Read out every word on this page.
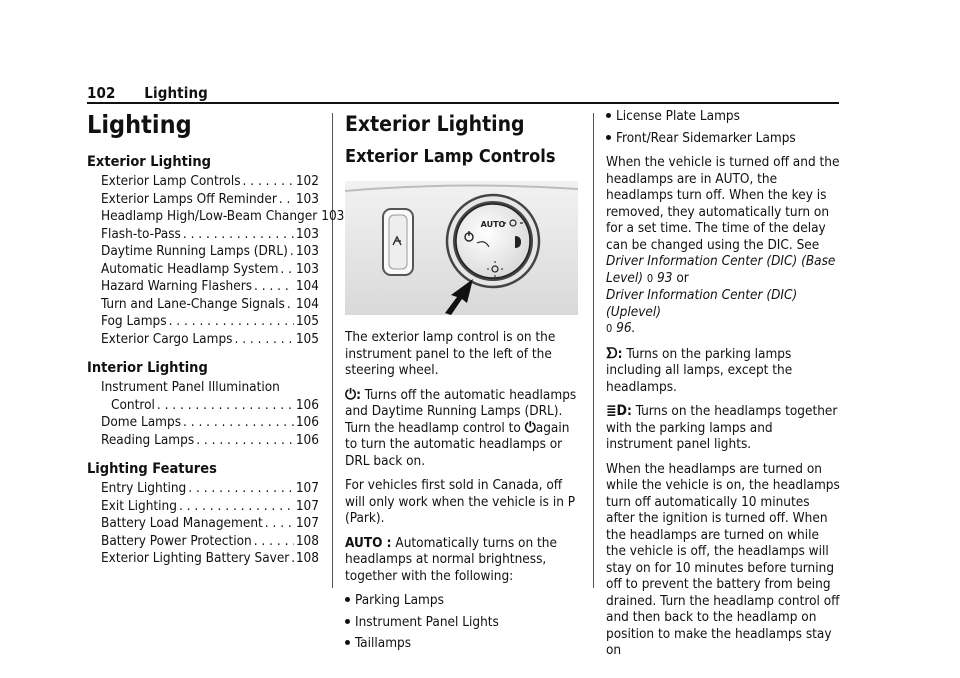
102 Lighting
Lighting
Exterior Lighting
Exterior Lamp Controls . . .	102
Exterior Lamps Off Reminder . . . 103
Headlamp High/Low-Beam Changer 103
Flash-to-Pass . . .	103
Daytime Running Lamps (DRL) . . . 103
Automatic Headlamp System . . . 103
Hazard Warning Flashers . . .	104
Turn and Lane-Change Signals . . . 104
Fog Lamps . . .	105
Exterior Cargo Lamps . . .	105
Interior Lighting
Instrument Panel Illumination
Control . . .	106
Dome Lamps . . .	106
Reading Lamps . . .	106
Lighting Features
Entry Lighting . . .	107
Exit Lighting . . .	107
Battery Load Management . . . 107
Battery Power Protection . . .	108
Exterior Lighting Battery Saver . . . 108
Exterior Lighting
Exterior Lamp Controls
AUTO

The exterior lamp control is on the instrument panel to the left of the steering wheel.

⏻: Turns off the automatic headlamps and Daytime Running Lamps (DRL). Turn the headlamp control to ⏻again to turn the automatic headlamps or DRL back on.

For vehicles first sold in Canada, off will only work when the vehicle is in P (Park).

AUTO : Automatically turns on the headlamps at normal brightness, together with the following:

Parking Lamps
Instrument Panel Lights
Taillamps
License Plate Lamps
Front/Rear Sidemarker Lamps

When the vehicle is turned off and the headlamps are in AUTO, the headlamps turn off. When the key is removed, they automatically turn on for a set time. The time of the delay can be changed using the DIC. See Driver Information Center (DIC) (Base Level) 0 93 or
Driver Information Center (DIC) (Uplevel)
0 96.

ᗤ: Turns on the parking lamps including all lamps, except the headlamps.

≣D: Turns on the headlamps together with the parking lamps and instrument panel lights.

When the headlamps are turned on while the vehicle is on, the headlamps turn off automatically 10 minutes after the ignition is turned off. When the headlamps are turned on while the vehicle is off, the headlamps will stay on for 10 minutes before turning off to prevent the battery from being drained. Turn the headlamp control off and then back to the headlamp on position to make the headlamps stay on
